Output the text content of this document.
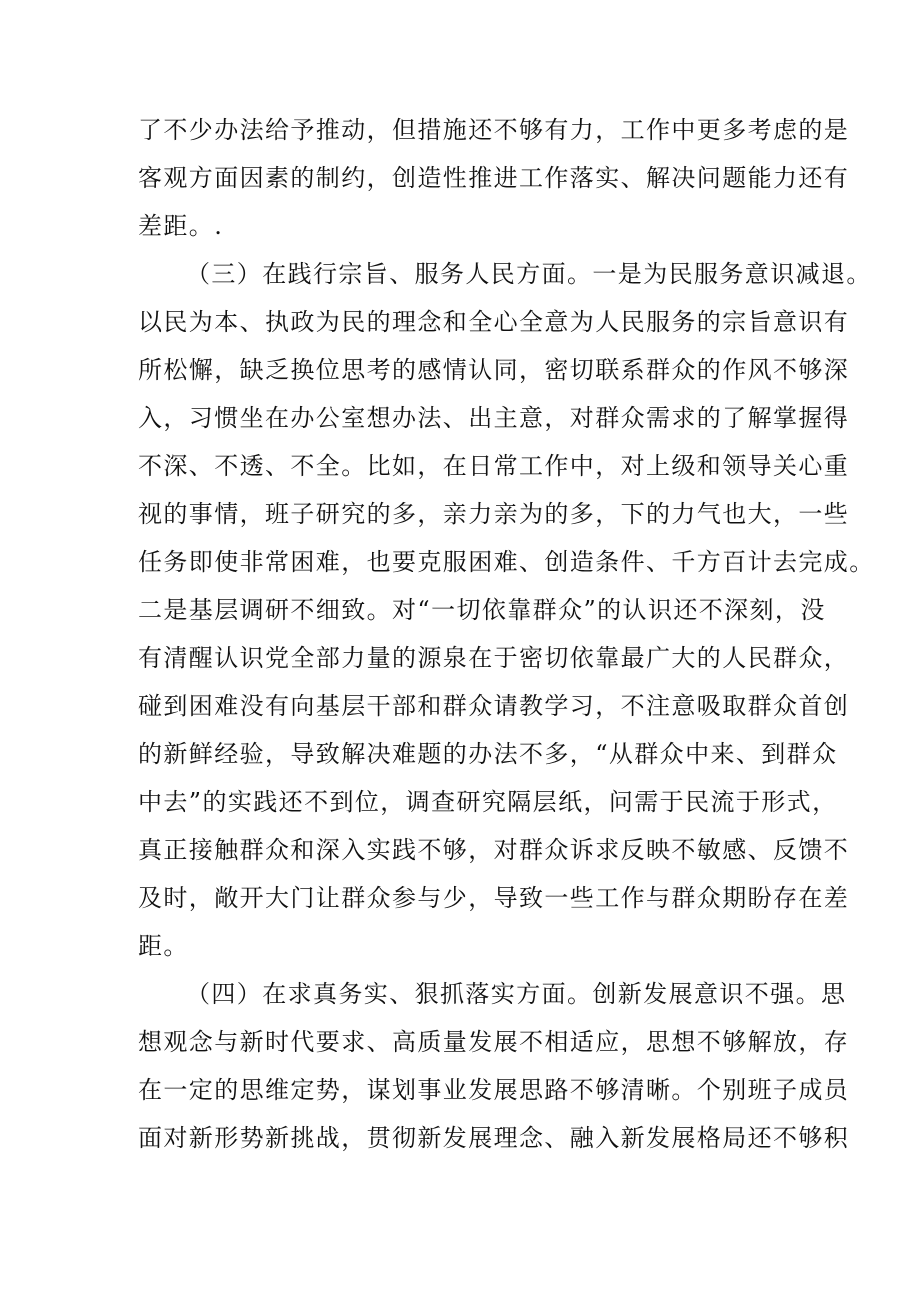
了不少办法给予推动，但措施还不够有力，工作中更多考虑的是
客观方面因素的制约，创造性推进工作落实、解决问题能力还有
差距。.
（三）在践行宗旨、服务人民方面。一是为民服务意识减退。
以民为本、执政为民的理念和全心全意为人民服务的宗旨意识有
所松懈，缺乏换位思考的感情认同，密切联系群众的作风不够深
入，习惯坐在办公室想办法、出主意，对群众需求的了解掌握得
不深、不透、不全。比如，在日常工作中，对上级和领导关心重
视的事情，班子研究的多，亲力亲为的多，下的力气也大，一些
任务即使非常困难，也要克服困难、创造条件、千方百计去完成。
二是基层调研不细致。对“一切依靠群众”的认识还不深刻，没
有清醒认识党全部力量的源泉在于密切依靠最广大的人民群众，
碰到困难没有向基层干部和群众请教学习，不注意吸取群众首创
的新鲜经验，导致解决难题的办法不多，“从群众中来、到群众
中去”的实践还不到位，调查研究隔层纸，问需于民流于形式，
真正接触群众和深入实践不够，对群众诉求反映不敏感、反馈不
及时，敞开大门让群众参与少，导致一些工作与群众期盼存在差
距。
（四）在求真务实、狠抓落实方面。创新发展意识不强。思
想观念与新时代要求、高质量发展不相适应，思想不够解放，存
在一定的思维定势，谋划事业发展思路不够清晰。个别班子成员
面对新形势新挑战，贯彻新发展理念、融入新发展格局还不够积
